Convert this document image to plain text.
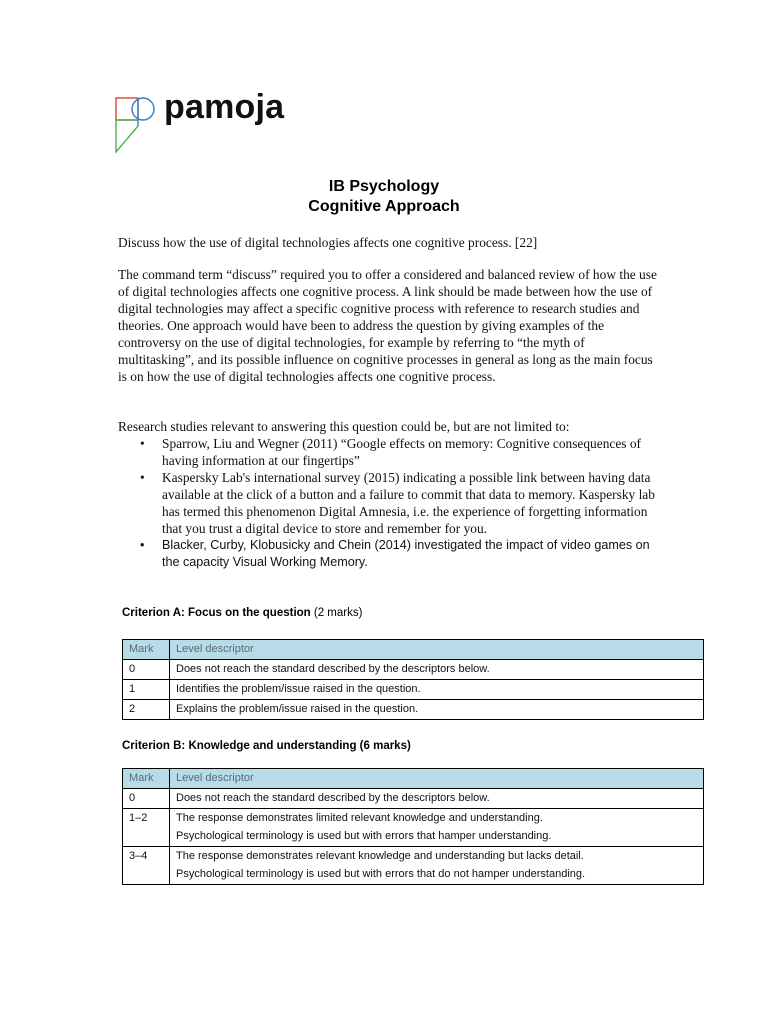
pamoja
IB Psychology
Cognitive Approach
Discuss how the use of digital technologies affects one cognitive process. [22]
The command term “discuss” required you to offer a considered and balanced review of how the use of digital technologies affects one cognitive process. A link should be made between how the use of digital technologies may affect a specific cognitive process with reference to research studies and theories. One approach would have been to address the question by giving examples of the controversy on the use of digital technologies, for example by referring to “the myth of multitasking”, and its possible influence on cognitive processes in general as long as the main focus is on how the use of digital technologies affects one cognitive process.
Research studies relevant to answering this question could be, but are not limited to:
• Sparrow, Liu and Wegner (2011) “Google effects on memory: Cognitive consequences of having information at our fingertips”
• Kaspersky Lab's international survey (2015) indicating a possible link between having data available at the click of a button and a failure to commit that data to memory. Kaspersky lab has termed this phenomenon Digital Amnesia, i.e. the experience of forgetting information that you trust a digital device to store and remember for you.
• Blacker, Curby, Klobusicky and Chein (2014) investigated the impact of video games on the capacity Visual Working Memory.
Criterion A: Focus on the question (2 marks)
Mark	Level descriptor
0	Does not reach the standard described by the descriptors below.

1	Identifies the problem/issue raised in the question.

2	Explains the problem/issue raised in the question.
Criterion B: Knowledge and understanding (6 marks)
Mark	Level descriptor
0	Does not reach the standard described by the descriptors below.

1–2	The response demonstrates limited relevant knowledge and understanding.
Psychological terminology is used but with errors that hamper understanding.

3–4	The response demonstrates relevant knowledge and understanding but lacks detail.
Psychological terminology is used but with errors that do not hamper understanding.
